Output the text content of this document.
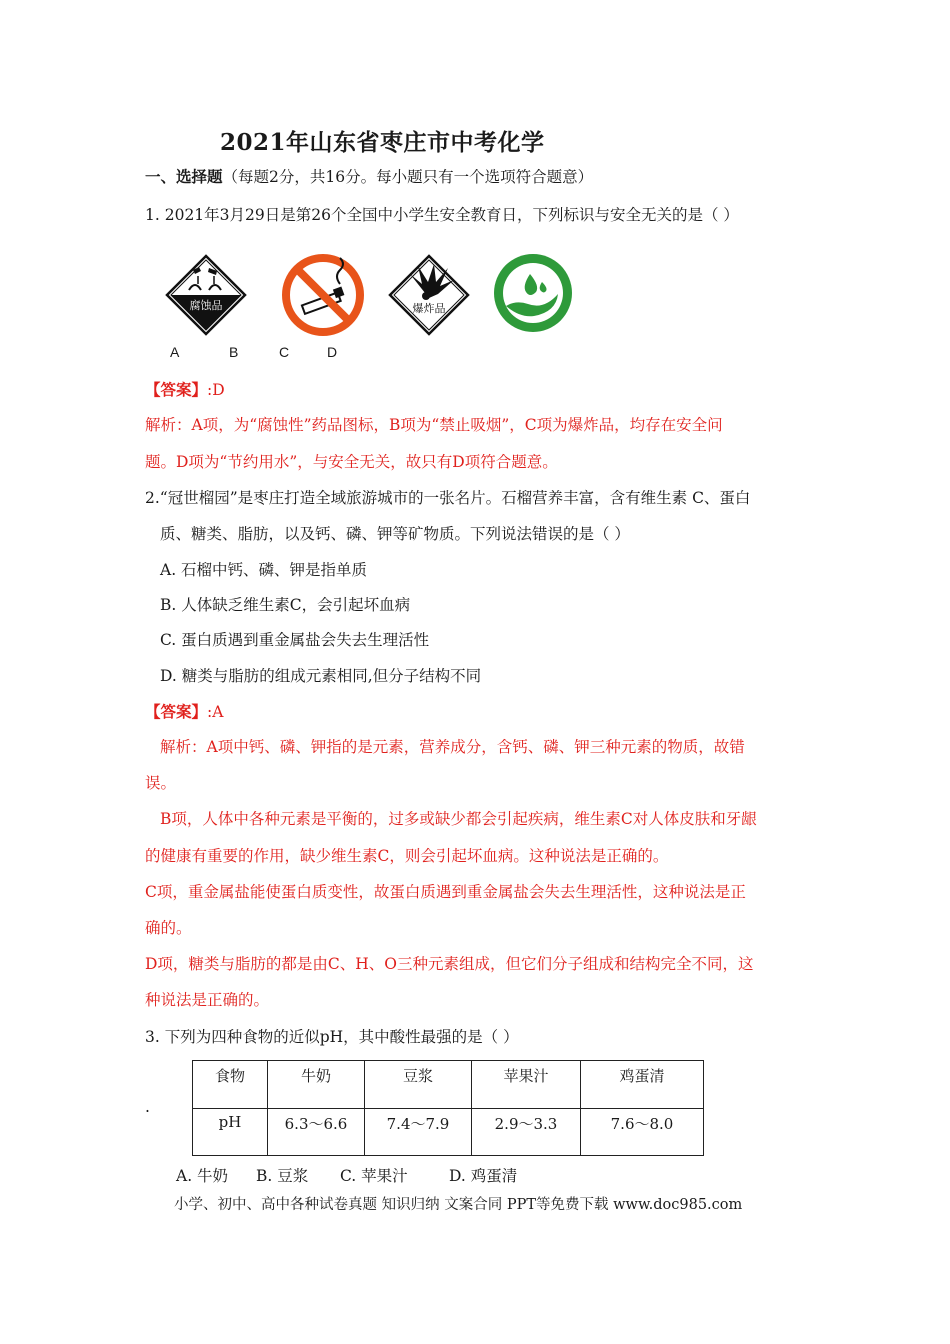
2021年山东省枣庄市中考化学
一、选择题（每题2分，共16分。每小题只有一个选项符合题意）
1. 2021年3月29日是第26个全国中小学生安全教育日，下列标识与安全无关的是（ ）
腐蚀品	爆炸品
A	B	C	D
【答案】:D
解析：A项，为“腐蚀性”药品图标，B项为“禁止吸烟”，C项为爆炸品，均存在安全问
题。D项为“节约用水”，与安全无关，故只有D项符合题意。
2.“冠世榴园”是枣庄打造全域旅游城市的一张名片。石榴营养丰富，含有维生素 C、蛋白
质、糖类、脂肪，以及钙、磷、钾等矿物质。下列说法错误的是（ ）
A. 石榴中钙、磷、钾是指单质
B. 人体缺乏维生素C，会引起坏血病
C. 蛋白质遇到重金属盐会失去生理活性
D. 糖类与脂肪的组成元素相同,但分子结构不同
【答案】:A
解析：A项中钙、磷、钾指的是元素，营养成分，含钙、磷、钾三种元素的物质，故错
误。
B项，人体中各种元素是平衡的，过多或缺少都会引起疾病，维生素C对人体皮肤和牙龈
的健康有重要的作用，缺少维生素C，则会引起坏血病。这种说法是正确的。
C项，重金属盐能使蛋白质变性，故蛋白质遇到重金属盐会失去生理活性，这种说法是正
确的。
D项，糖类与脂肪的都是由C、H、O三种元素组成，但它们分子组成和结构完全不同，这
种说法是正确的。
3. 下列为四种食物的近似pH，其中酸性最强的是（ ）
.
食物	牛奶	豆浆	苹果汁	鸡蛋清
pH	6.3～6.6	7.4～7.9	2.9～3.3	7.6～8.0
A. 牛奶 B. 豆浆 C. 苹果汁	D. 鸡蛋清
小学、初中、高中各种试卷真题 知识归纳 文案合同 PPT等免费下载 www.doc985.com
